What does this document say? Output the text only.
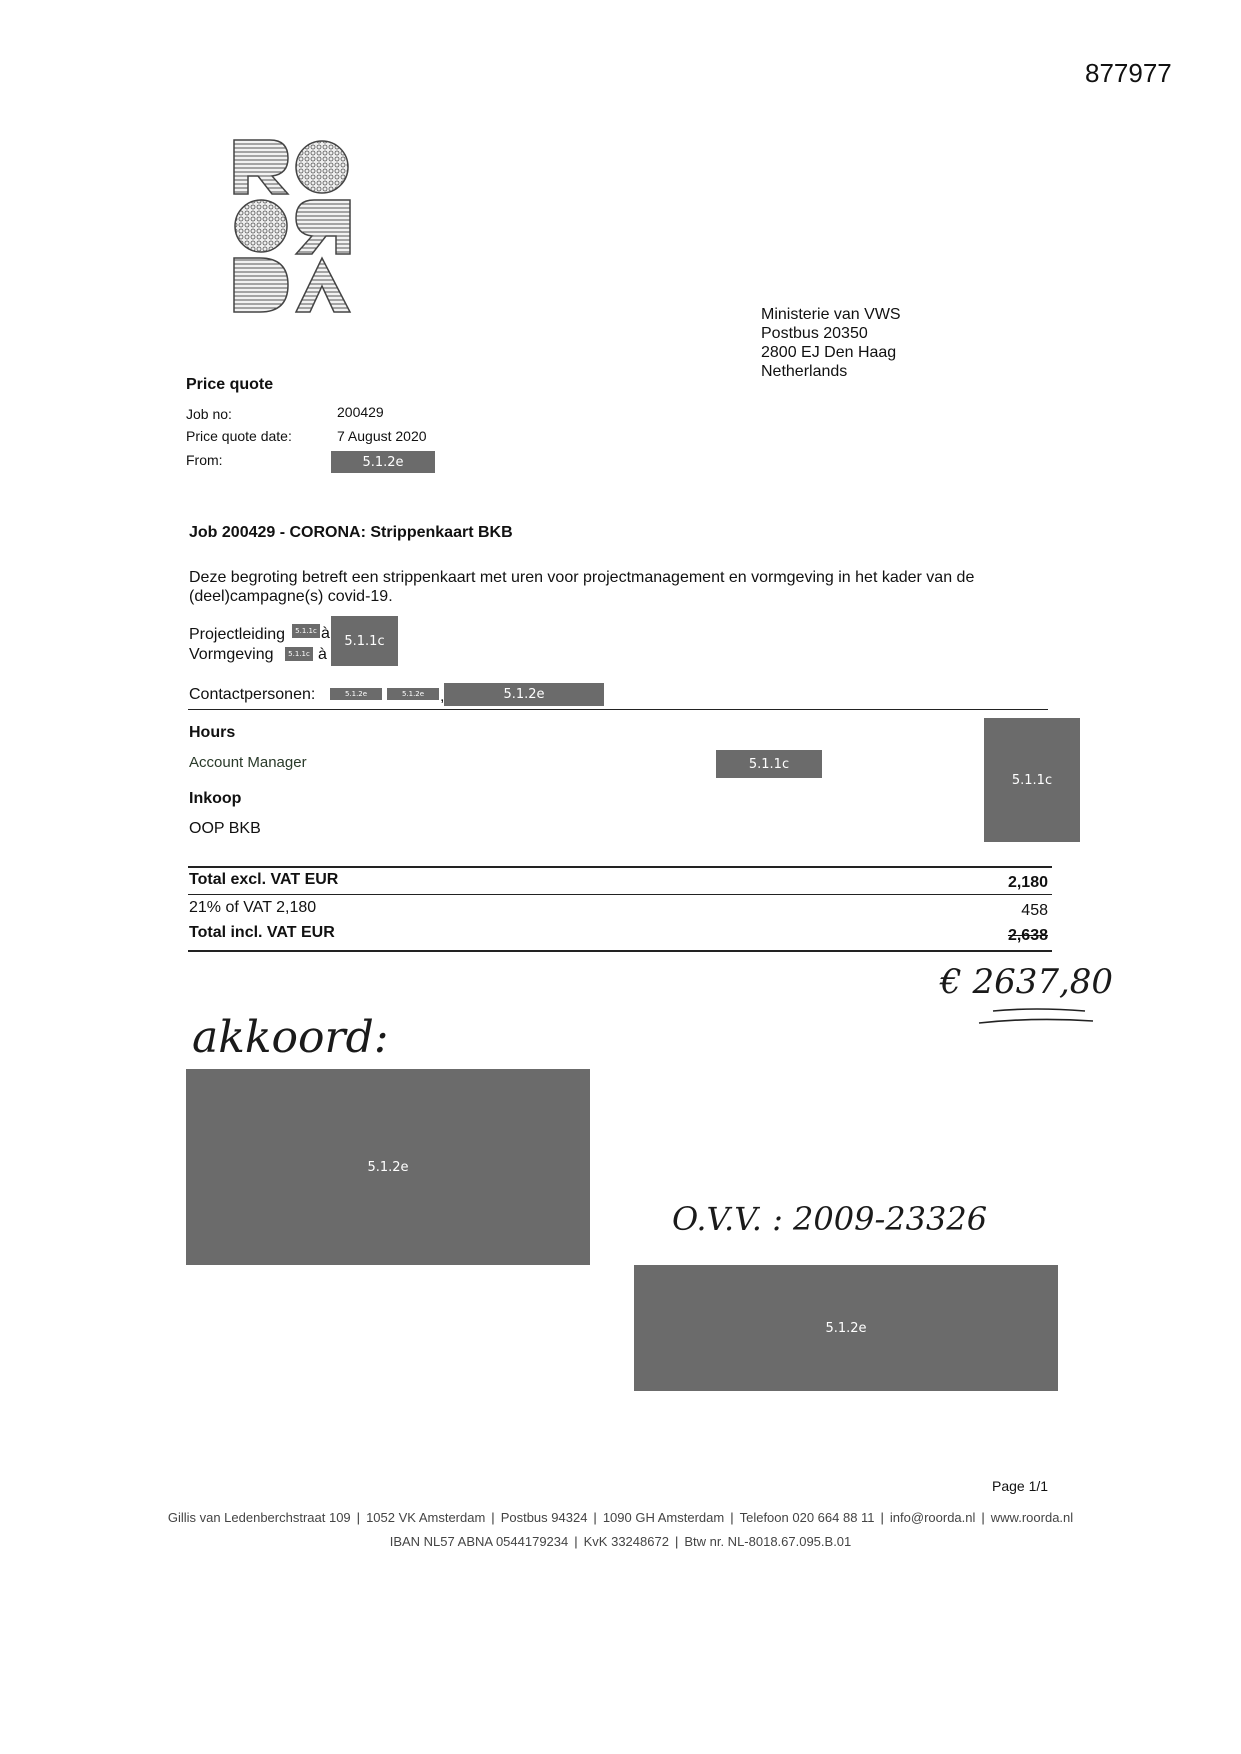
877977
Ministerie van VWS
Postbus 20350
2800 EJ Den Haag
Netherlands
Price quote
Job no:	200429
Price quote date:	7 August 2020
From:	5.1.2e
Job 200429 - CORONA: Strippenkaart BKB
Deze begroting betreft een strippenkaart met uren voor projectmanagement en vormgeving in het kader van de (deel)campagne(s) covid-19.
Projectleiding	5.1.1c à
Vormgeving	5.1.1c à
5.1.1c
Contactpersonen:	5.1.2e	5.1.2e ,	5.1.2e
Hours
Account Manager	5.1.1c
5.1.1c
Inkoop
OOP BKB
Total excl. VAT EUR	2,180
21% of VAT 2,180	458
Total incl. VAT EUR	2,638
€ 2637,80
akkoord:
5.1.2e
O.V.V. : 2009-23326
5.1.2e
Page 1/1
Gillis van Ledenberchstraat 109 | 1052 VK Amsterdam | Postbus 94324 | 1090 GH Amsterdam | Telefoon 020 664 88 11 | info@roorda.nl | www.roorda.nl
IBAN NL57 ABNA 0544179234 | KvK 33248672 | Btw nr. NL-8018.67.095.B.01
